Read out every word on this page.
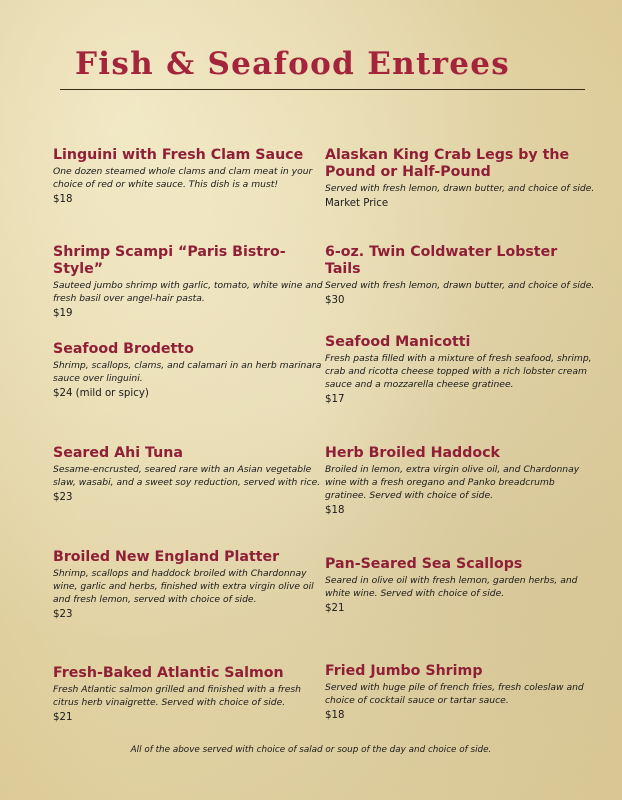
Fish & Seafood Entrees
Linguini with Fresh Clam Sauce
One dozen steamed whole clams and clam meat in your choice of red or white sauce. This dish is a must!
$18
Shrimp Scampi “Paris Bistro-Style”
Sauteed jumbo shrimp with garlic, tomato, white wine and fresh basil over angel-hair pasta.
$19
Seafood Brodetto
Shrimp, scallops, clams, and calamari in an herb marinara sauce over linguini.
$24 (mild or spicy)
Seared Ahi Tuna
Sesame-encrusted, seared rare with an Asian vegetable slaw, wasabi, and a sweet soy reduction, served with rice.
$23
Broiled New England Platter
Shrimp, scallops and haddock broiled with Chardonnay wine, garlic and herbs, finished with extra virgin olive oil and fresh lemon, served with choice of side.
$23
Fresh-Baked Atlantic Salmon
Fresh Atlantic salmon grilled and finished with a fresh citrus herb vinaigrette. Served with choice of side.
$21
Alaskan King Crab Legs by the Pound or Half-Pound
Served with fresh lemon, drawn butter, and choice of side.
Market Price
6-oz. Twin Coldwater Lobster Tails
Served with fresh lemon, drawn butter, and choice of side.
$30
Seafood Manicotti
Fresh pasta filled with a mixture of fresh seafood, shrimp, crab and ricotta cheese topped with a rich lobster cream sauce and a mozzarella cheese gratinee.
$17
Herb Broiled Haddock
Broiled in lemon, extra virgin olive oil, and Chardonnay wine with a fresh oregano and Panko breadcrumb gratinee. Served with choice of side.
$18
Pan-Seared Sea Scallops
Seared in olive oil with fresh lemon, garden herbs, and white wine. Served with choice of side.
$21
Fried Jumbo Shrimp
Served with huge pile of french fries, fresh coleslaw and choice of cocktail sauce or tartar sauce.
$18
All of the above served with choice of salad or soup of the day and choice of side.
